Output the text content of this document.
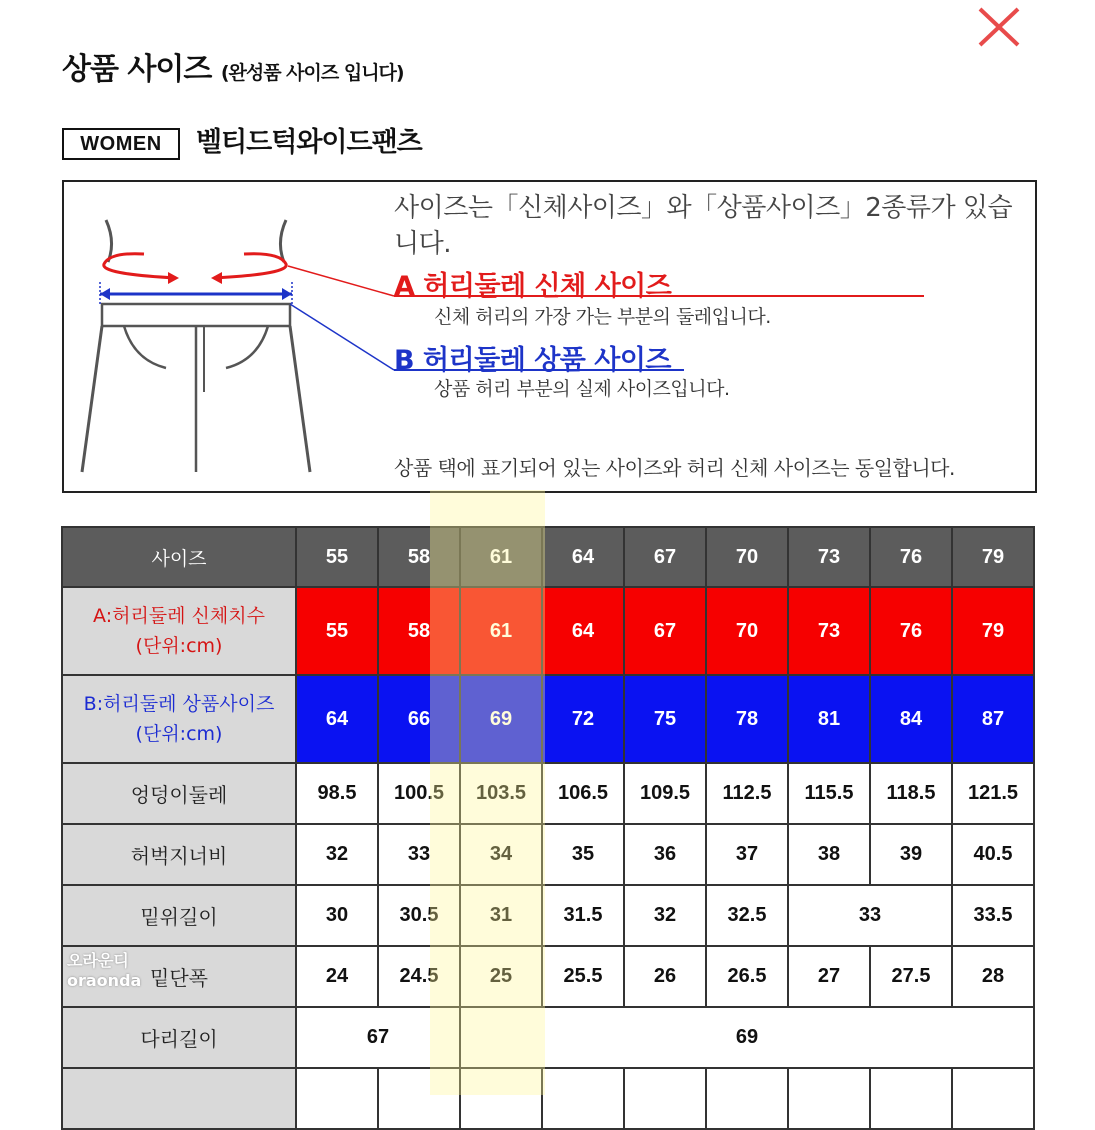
상품 사이즈 (완성품 사이즈 입니다)
WOMEN	벨티드턱와이드팬츠
사이즈는「신체사이즈」와「상품사이즈」2종류가 있습니다.
A 허리둘레 신체 사이즈
신체 허리의 가장 가는 부분의 둘레입니다.
B 허리둘레 상품 사이즈
상품 허리 부분의 실제 사이즈입니다.
상품 택에 표기되어 있는 사이즈와 허리 신체 사이즈는 동일합니다.
사이즈	55	58	61	64	67	70	73	76	79

A:허리둘레 신체치수
(단위:cm)	55	58	61	64	67	70	73	76	79

B:허리둘레 상품사이즈
(단위:cm)	64	66	69	72	75	78	81	84	87
엉덩이둘레	98.5	100.5	103.5	106.5	109.5	112.5	115.5	118.5	121.5
허벅지너비	32	33	34	35	36	37	38	39	40.5
밑위길이	30	30.5	31	31.5	32	32.5	33		33.5

오라운디
oraonda 밑단폭	24	24.5	25	25.5	26	26.5	27	27.5	28
다리길이	67		69						
